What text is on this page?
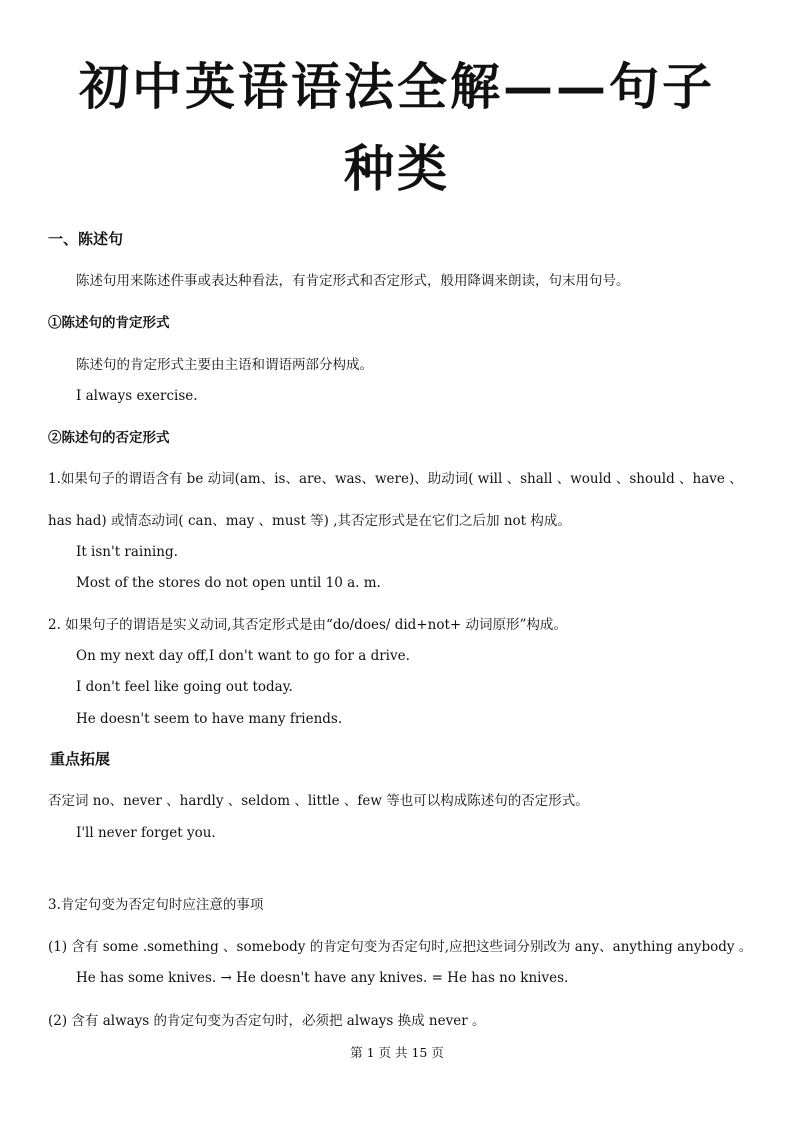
初中英语语法全解——句子
种类

一、陈述句

陈述句用来陈述件事或表达种看法，有肯定形式和否定形式，般用降调来朗读，句末用句号。

①陈述句的肯定形式

陈述句的肯定形式主要由主语和谓语两部分构成。

I always exercise.

②陈述句的否定形式

1.如果句子的谓语含有 be 动词(am、is、are、was、were)、助动词( will 、shall 、would 、should 、have 、

has had) 或情态动词( can、may 、must 等) ,其否定形式是在它们之后加 not 构成。

It isn't raining.

Most of the stores do not open until 10 a. m.

2. 如果句子的谓语是实义动词,其否定形式是由“do/does/ did+not+ 动词原形”构成。

On my next day off,I don't want to go for a drive.

I don't feel like going out today.

He doesn't seem to have many friends.

重点拓展

否定词 no、never 、hardly 、seldom 、little 、few 等也可以构成陈述句的否定形式。

I'll never forget you.

3.肯定句变为否定句时应注意的事项

(1) 含有 some .something 、somebody 的肯定句变为否定句时,应把这些词分别改为 any、anything anybody 。

He has some knives. → He doesn't have any knives. = He has no knives.

(2) 含有 always 的肯定句变为否定句时，必须把 always 换成 never 。

第 1 页 共 15 页
